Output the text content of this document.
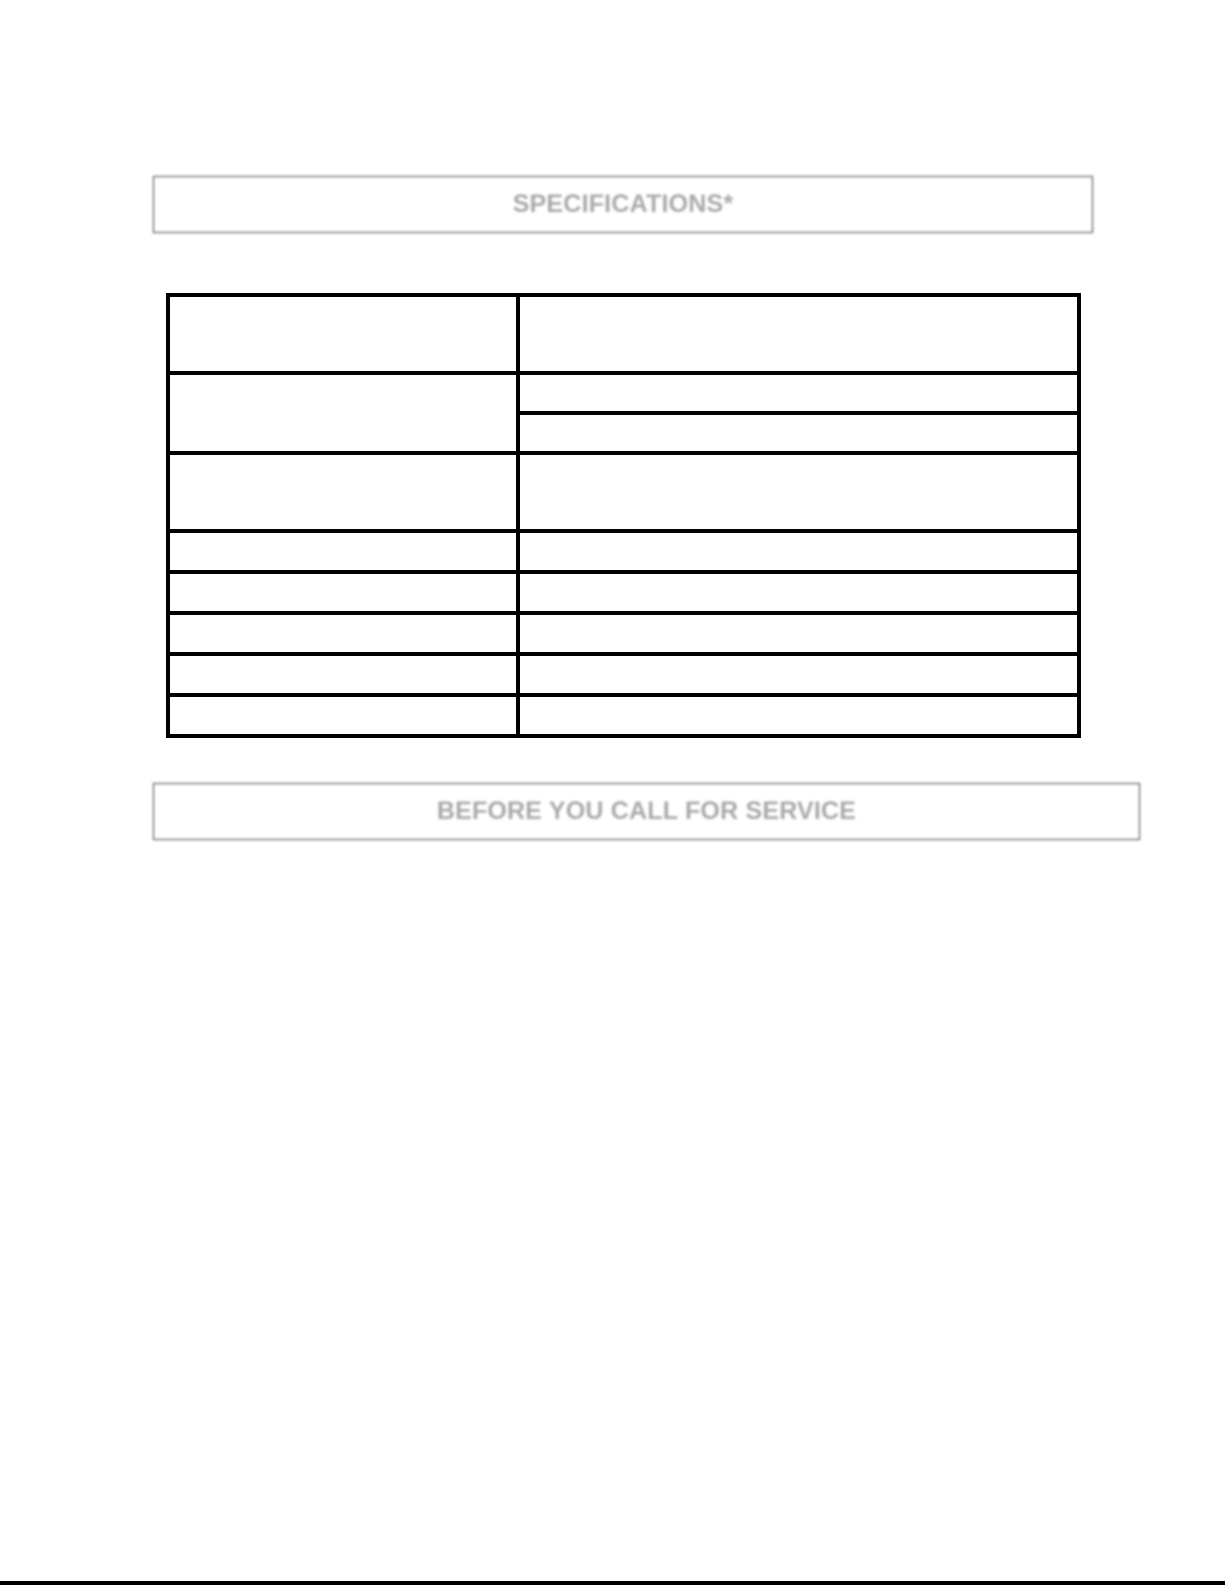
SPECIFICATIONS*

BEFORE YOU CALL FOR SERVICE
